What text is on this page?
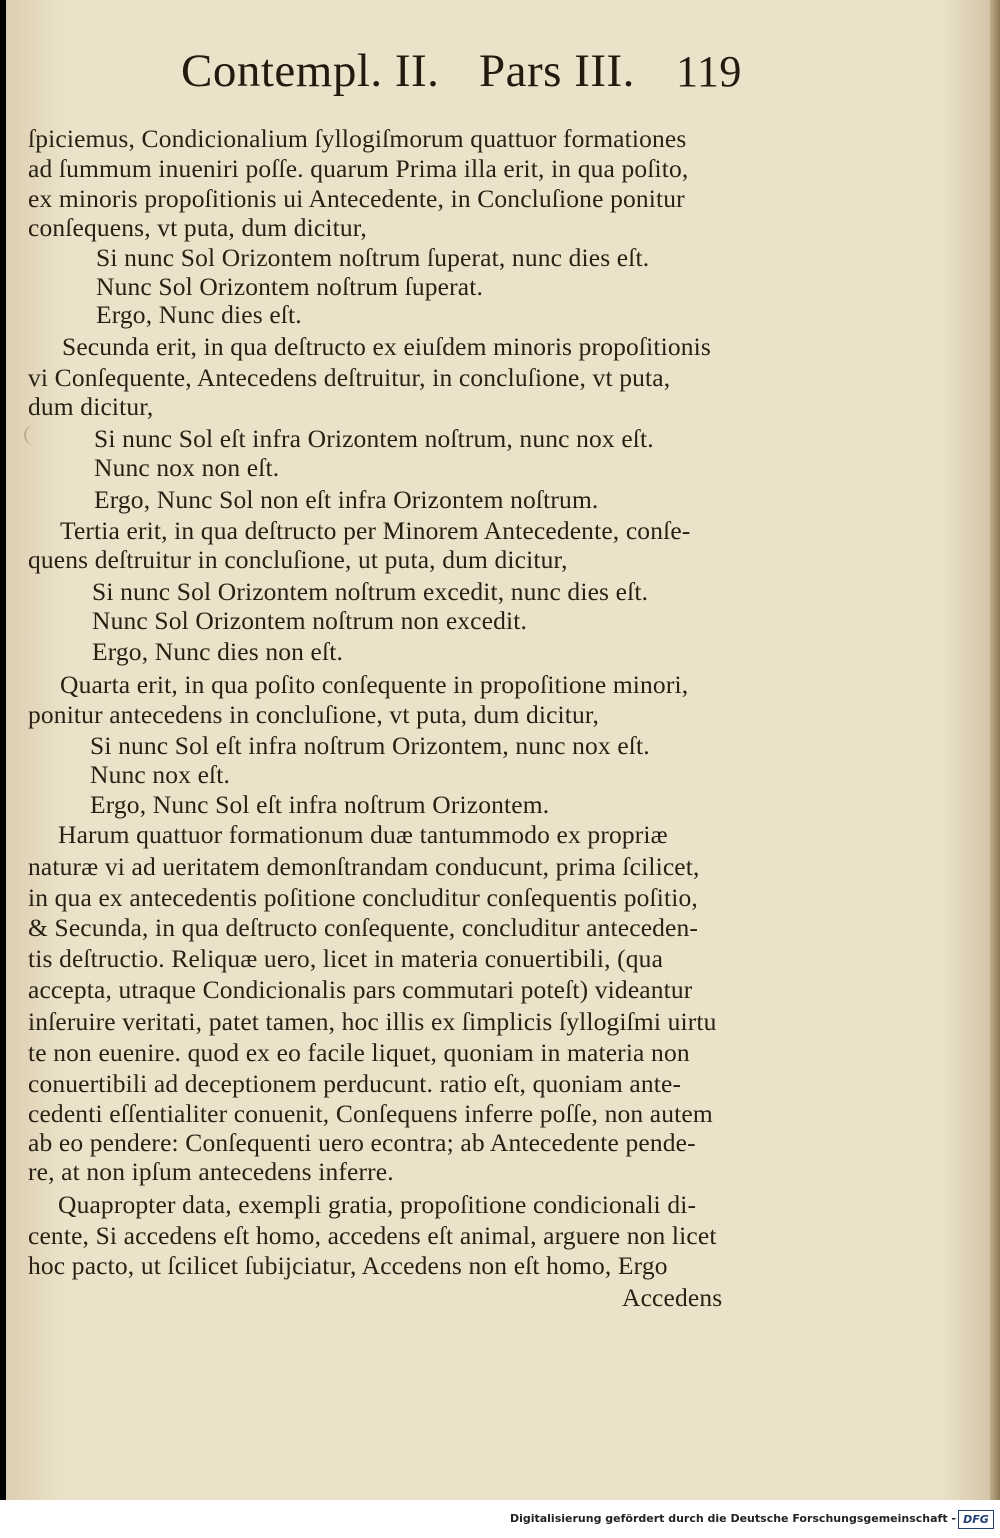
Contempl. II. Pars III. 119
ſpiciemus, Condicionalium ſyllogiſmorum quattuor formationes
ad ſummum inueniri poſſe. quarum Prima illa erit, in qua poſito,
ex minoris propoſitionis ui Antecedente, in Concluſione ponitur
conſequens, vt puta, dum dicitur,
Si nunc Sol Orizontem noſtrum ſuperat, nunc dies eſt.
Nunc Sol Orizontem noſtrum ſuperat.
Ergo, Nunc dies eſt.
Secunda erit, in qua deſtructo ex eiuſdem minoris propoſitionis
vi Conſequente, Antecedens deſtruitur, in concluſione, vt puta,
dum dicitur,
Si nunc Sol eſt infra Orizontem noſtrum, nunc nox eſt.
Nunc nox non eſt.
Ergo, Nunc Sol non eſt infra Orizontem noſtrum.
Tertia erit, in qua deſtructo per Minorem Antecedente, conſe-
quens deſtruitur in concluſione, ut puta, dum dicitur,
Si nunc Sol Orizontem noſtrum excedit, nunc dies eſt.
Nunc Sol Orizontem noſtrum non excedit.
Ergo, Nunc dies non eſt.
Quarta erit, in qua poſito conſequente in propoſitione minori,
ponitur antecedens in concluſione, vt puta, dum dicitur,
Si nunc Sol eſt infra noſtrum Orizontem, nunc nox eſt.
Nunc nox eſt.
Ergo, Nunc Sol eſt infra noſtrum Orizontem.
Harum quattuor formationum duæ tantummodo ex propriæ
naturæ vi ad ueritatem demonſtrandam conducunt, prima ſcilicet,
in qua ex antecedentis poſitione concluditur conſequentis poſitio,
& Secunda, in qua deſtructo conſequente, concluditur anteceden-
tis deſtructio. Reliquæ uero, licet in materia conuertibili, (qua
accepta, utraque Condicionalis pars commutari poteſt) videantur
inſeruire veritati, patet tamen, hoc illis ex ſimplicis ſyllogiſmi uirtu
te non euenire. quod ex eo facile liquet, quoniam in materia non
conuertibili ad deceptionem perducunt. ratio eſt, quoniam ante-
cedenti eſſentialiter conuenit, Conſequens inferre poſſe, non autem
ab eo pendere: Conſequenti uero econtra; ab Antecedente pende-
re, at non ipſum antecedens inferre.
Quapropter data, exempli gratia, propoſitione condicionali di-
cente, Si accedens eſt homo, accedens eſt animal, arguere non licet
hoc pacto, ut ſcilicet ſubijciatur, Accedens non eſt homo, Ergo
Accedens
Digitalisierung gefördert durch die Deutsche Forschungsgemeinschaft - DFG
